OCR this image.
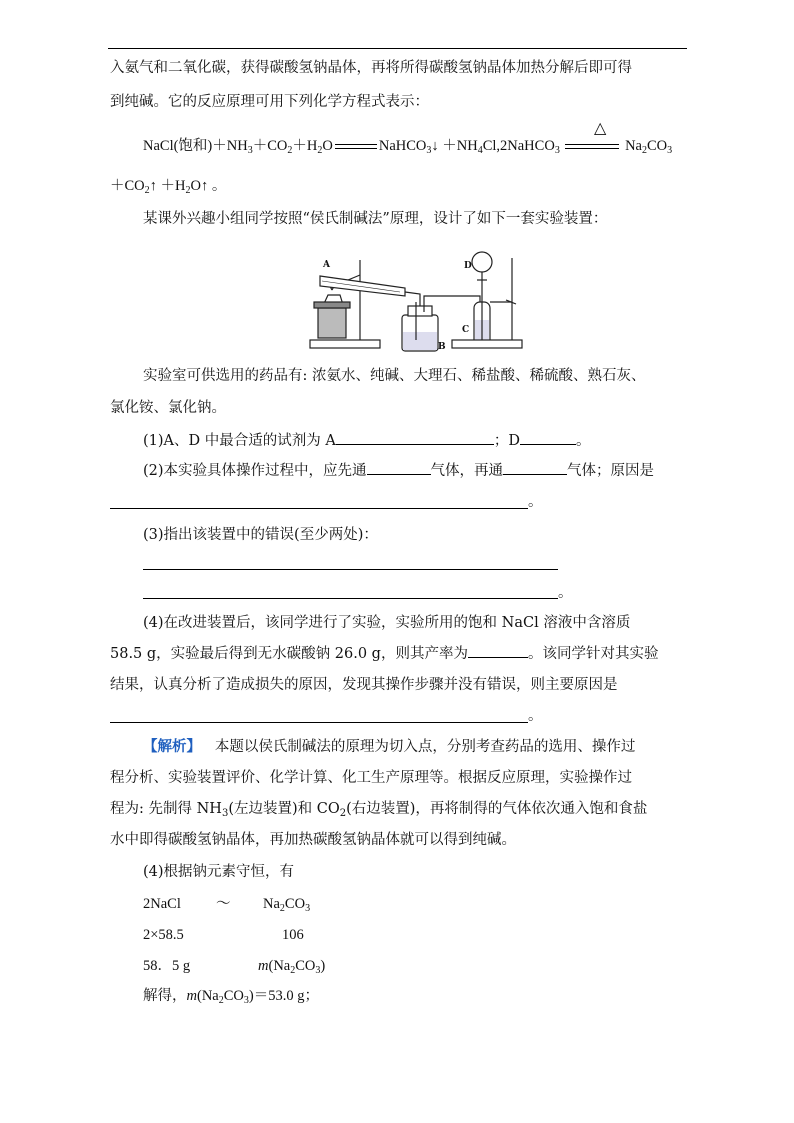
入氨气和二氧化碳，获得碳酸氢钠晶体，再将所得碳酸氢钠晶体加热分解后即可得
到纯碱。它的反应原理可用下列化学方程式表示：
NaCl(饱和)$+NH_3+CO_2+H_2O$	NaHCO$_3$↓ $+NH_4Cl,2NaHCO_3$	$Na_2CO_3$
△
$+CO_2↑$ $+H_2O↑$ 。
某课外兴趣小组同学按照“侯氏制碱法”原理，设计了如下一套实验装置：
A
B
C
D
实验室可供选用的药品有: 浓氨水、纯碱、大理石、稀盐酸、稀硫酸、熟石灰、
氯化铵、氯化钠。
(1)A、D 中最合适的试剂为 A	；D	。
(2)本实验具体操作过程中，应先通	气体，再通	气体；原因是
。
(3)指出该装置中的错误(至少两处)：
。
(4)在改进装置后，该同学进行了实验，实验所用的饱和 NaCl 溶液中含溶质
58.5 g，实验最后得到无水碳酸钠 26.0 g，则其产率为	。该同学针对其实验
结果，认真分析了造成损失的原因，发现其操作步骤并没有错误，则主要原因是
。
【解析】 本题以侯氏制碱法的原理为切入点，分别考查药品的选用、操作过
程分析、实验装置评价、化学计算、化工生产原理等。根据反应原理，实验操作过
程为: 先制得 $NH_3$(左边装置)和 $CO_2$(右边装置)，再将制得的气体依次通入饱和食盐
水中即得碳酸氢钠晶体，再加热碳酸氢钠晶体就可以得到纯碱。
(4)根据钠元素守恒，有
2NaCl ～ $Na_2CO_3$
2×58.5	106
58．5 g	$m(Na_2CO_3)$
解得，$m(Na_2CO_3)=53.0$ g；
